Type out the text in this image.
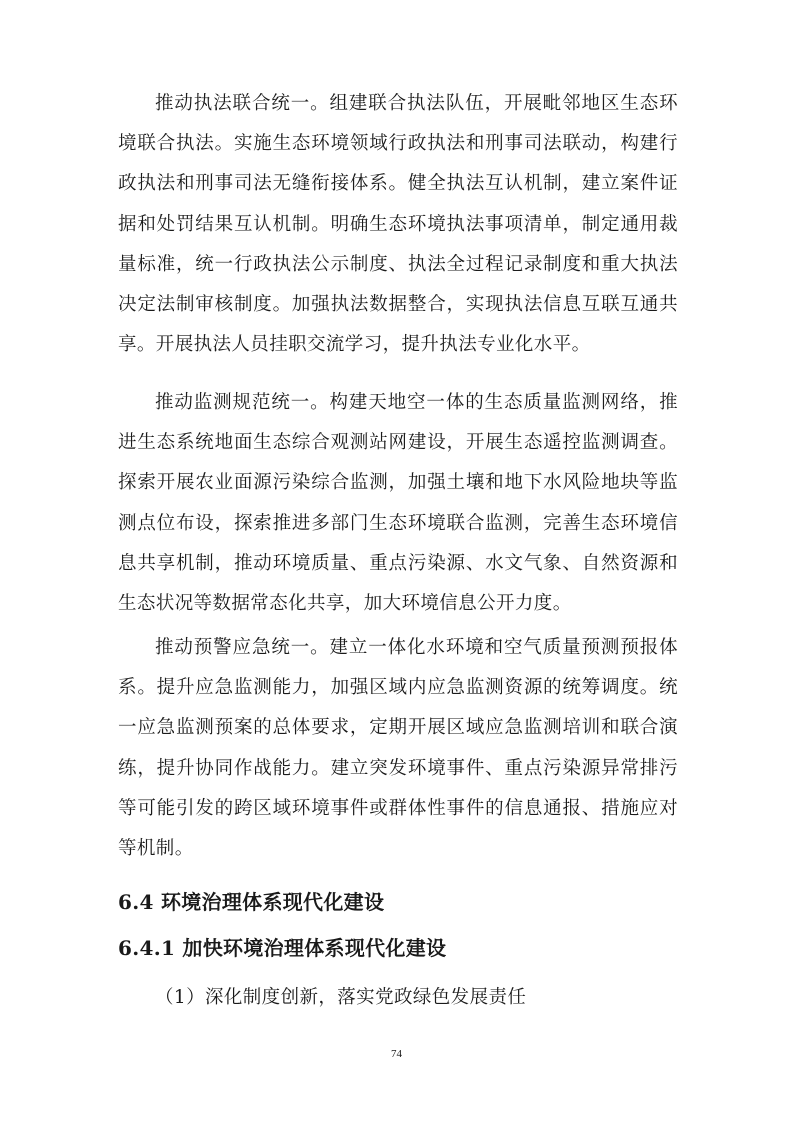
推动执法联合统一。组建联合执法队伍，开展毗邻地区生态环境联合执法。实施生态环境领域行政执法和刑事司法联动，构建行政执法和刑事司法无缝衔接体系。健全执法互认机制，建立案件证据和处罚结果互认机制。明确生态环境执法事项清单，制定通用裁量标准，统一行政执法公示制度、执法全过程记录制度和重大执法决定法制审核制度。加强执法数据整合，实现执法信息互联互通共享。开展执法人员挂职交流学习，提升执法专业化水平。

推动监测规范统一。构建天地空一体的生态质量监测网络，推进生态系统地面生态综合观测站网建设，开展生态遥控监测调查。探索开展农业面源污染综合监测，加强土壤和地下水风险地块等监测点位布设，探索推进多部门生态环境联合监测，完善生态环境信息共享机制，推动环境质量、重点污染源、水文气象、自然资源和生态状况等数据常态化共享，加大环境信息公开力度。

推动预警应急统一。建立一体化水环境和空气质量预测预报体系。提升应急监测能力，加强区域内应急监测资源的统筹调度。统一应急监测预案的总体要求，定期开展区域应急监测培训和联合演练，提升协同作战能力。建立突发环境事件、重点污染源异常排污等可能引发的跨区域环境事件或群体性事件的信息通报、措施应对等机制。

6.4 环境治理体系现代化建设
6.4.1 加快环境治理体系现代化建设

（1）深化制度创新，落实党政绿色发展责任

74
